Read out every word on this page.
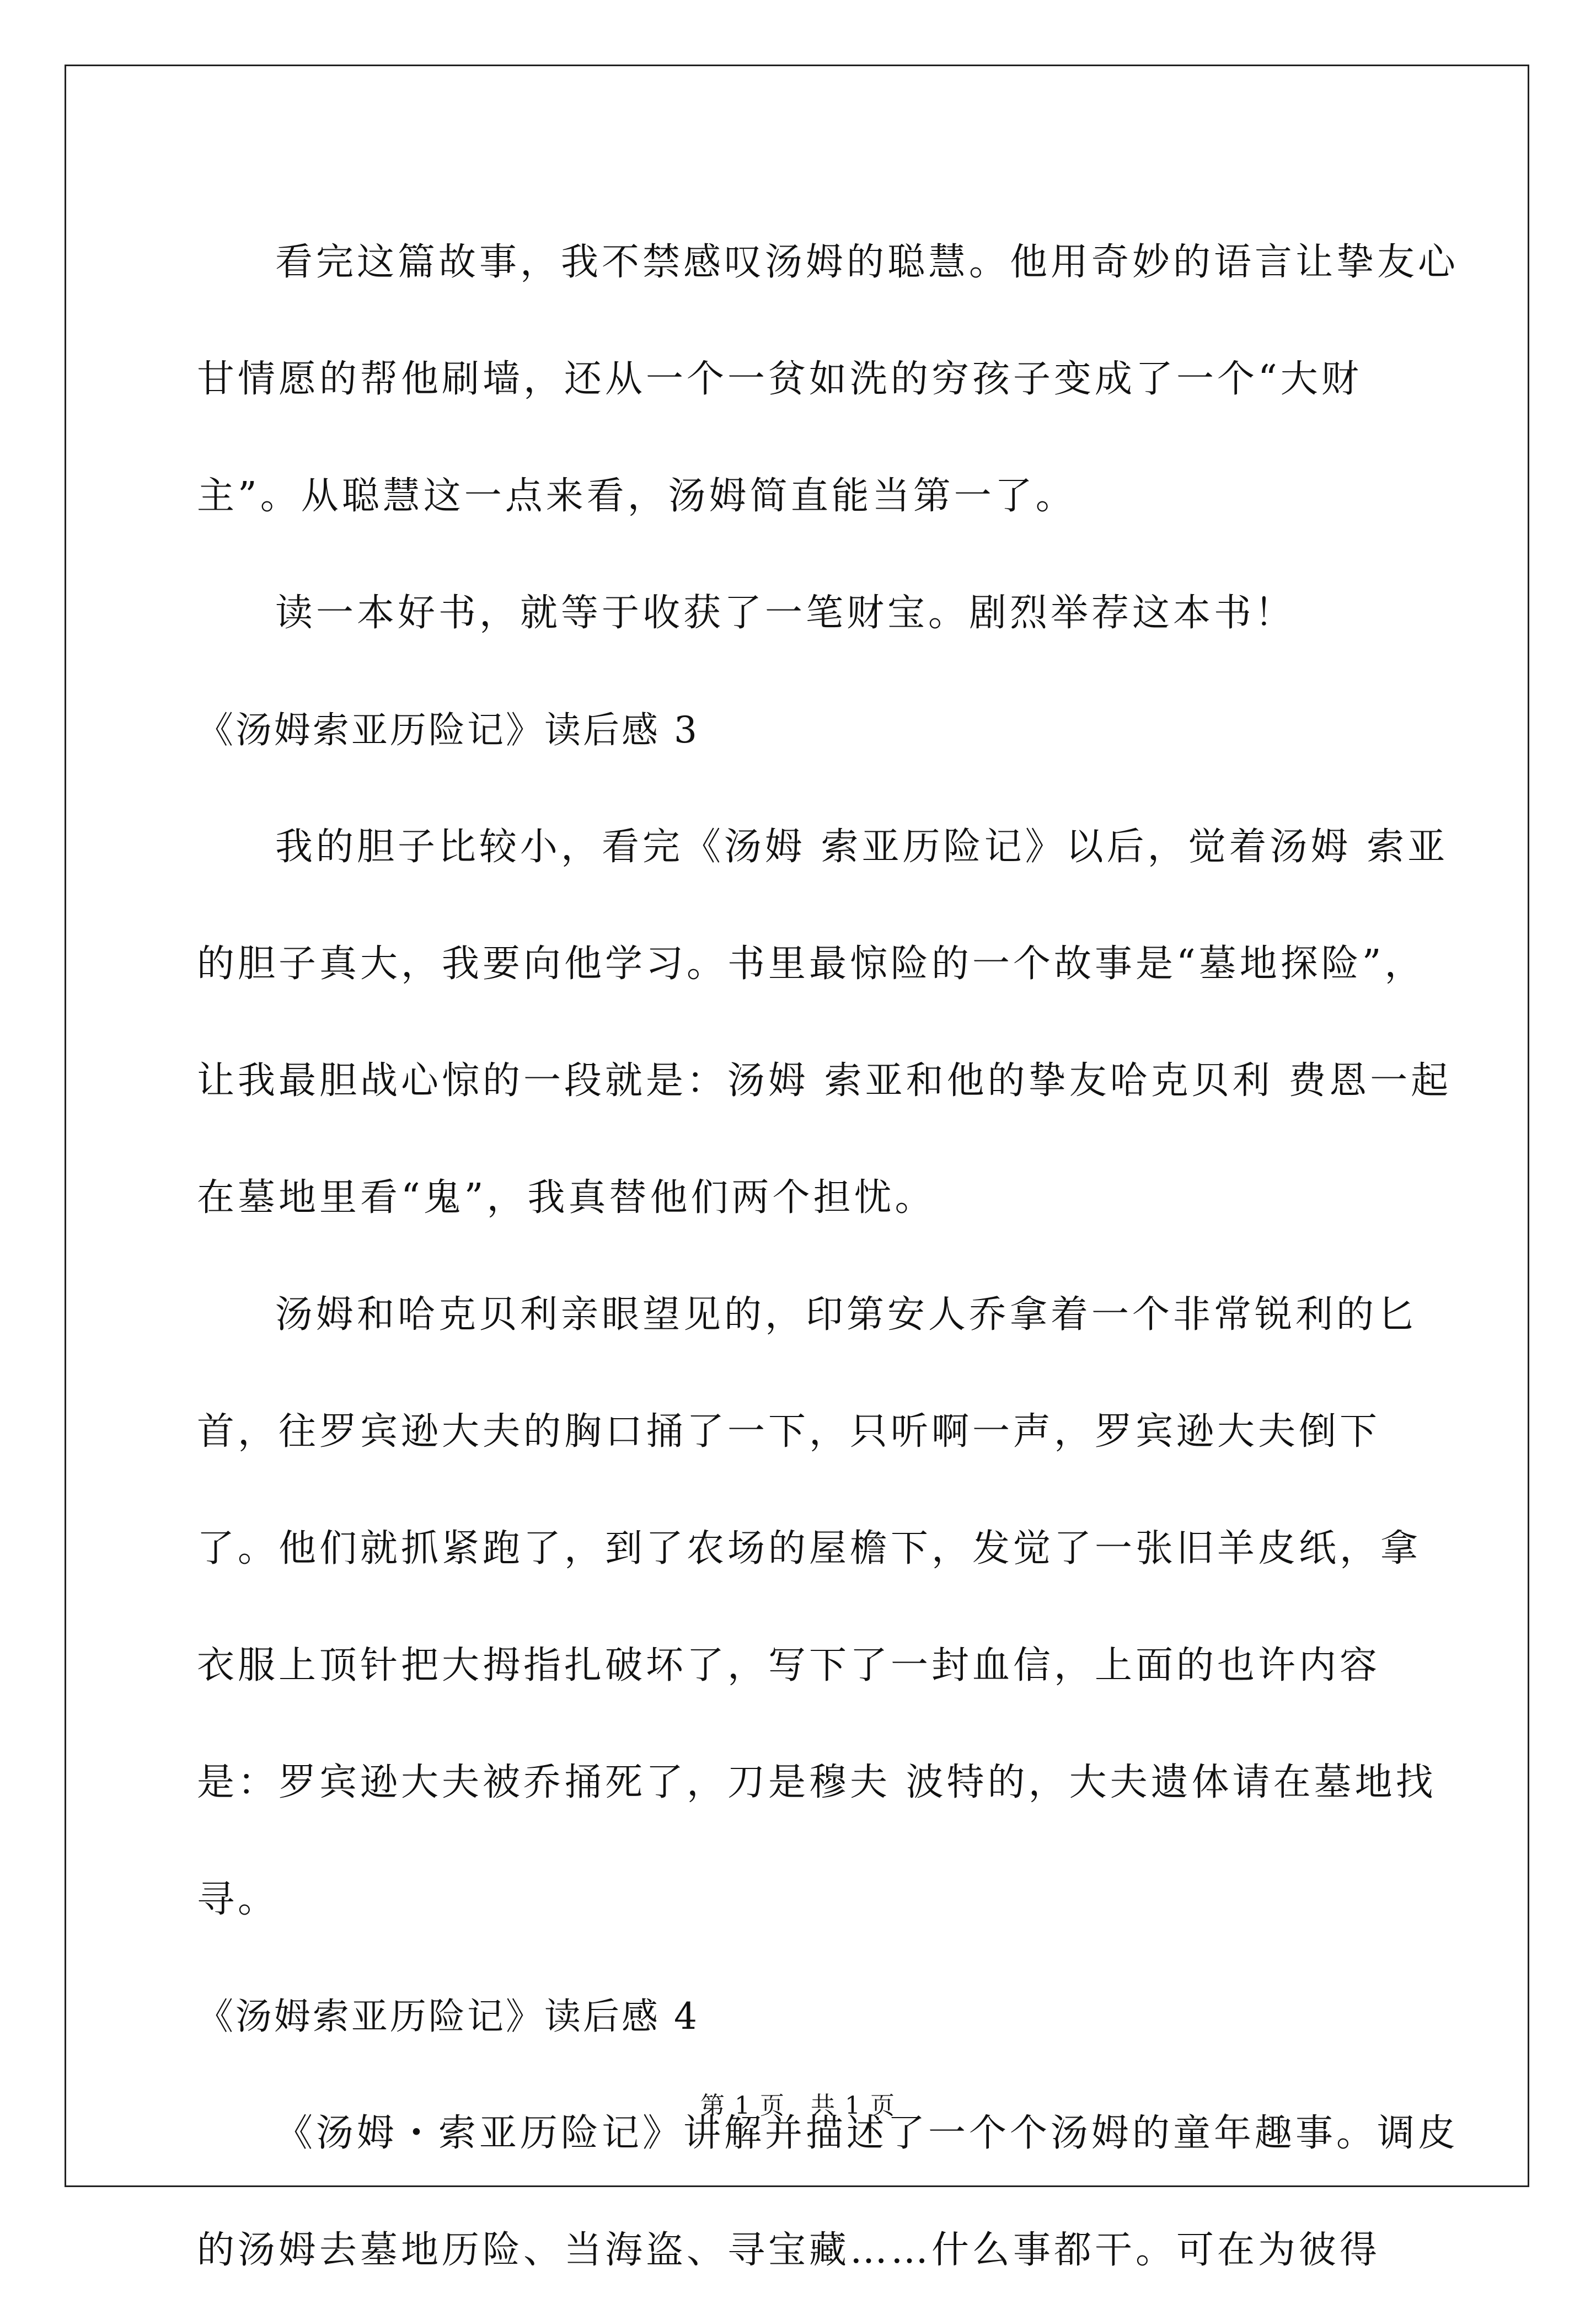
看完这篇故事，我不禁感叹汤姆的聪慧。他用奇妙的语言让挚友心甘情愿的帮他刷墙，还从一个一贫如洗的穷孩子变成了一个“大财主”。从聪慧这一点来看，汤姆简直能当第一了。

读一本好书，就等于收获了一笔财宝。剧烈举荐这本书！

《汤姆索亚历险记》读后感 3

我的胆子比较小，看完《汤姆 索亚历险记》以后，觉着汤姆 索亚的胆子真大，我要向他学习。书里最惊险的一个故事是“墓地探险”，让我最胆战心惊的一段就是：汤姆 索亚和他的挚友哈克贝利 费恩一起在墓地里看“鬼”，我真替他们两个担忧。

汤姆和哈克贝利亲眼望见的，印第安人乔拿着一个非常锐利的匕首，往罗宾逊大夫的胸口捅了一下，只听啊一声，罗宾逊大夫倒下了。他们就抓紧跑了，到了农场的屋檐下，发觉了一张旧羊皮纸，拿衣服上顶针把大拇指扎破坏了，写下了一封血信，上面的也许内容是：罗宾逊大夫被乔捅死了，刀是穆夫 波特的，大夫遗体请在墓地找寻。

《汤姆索亚历险记》读后感 4

《汤姆・索亚历险记》讲解并描述了一个个汤姆的童年趣事。调皮的汤姆去墓地历险、当海盗、寻宝藏……什么事都干。可在为彼得

第 1 页　共 1 页
